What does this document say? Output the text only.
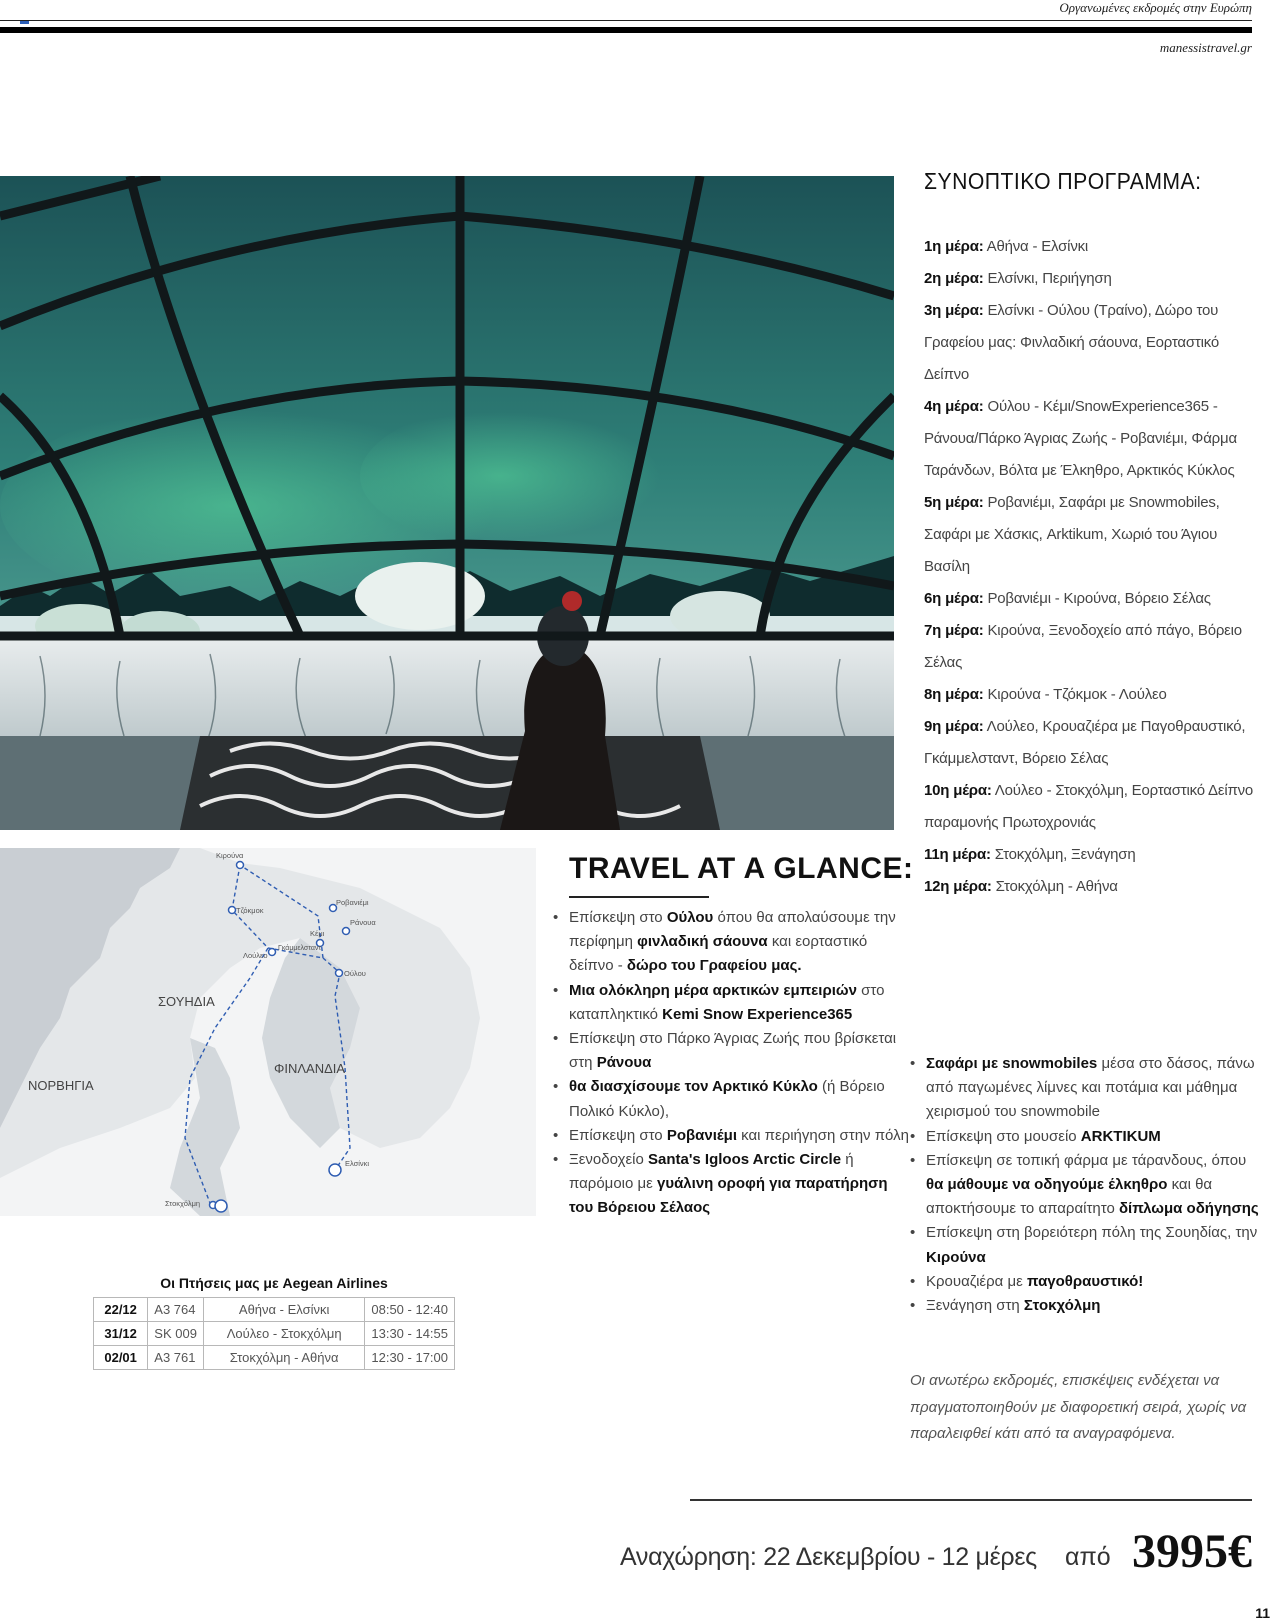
Οργανωμένες εκδρομές στην Ευρώπη
manessistravel.gr
ΣΥΝΟΠΤΙΚΟ ΠΡΟΓΡΑΜΜΑ:
1η μέρα: Αθήνα - Ελσίνκι
2η μέρα: Ελσίνκι, Περιήγηση
3η μέρα: Ελσίνκι - Ούλου (Τραίνο), Δώρο του Γραφείου μας: Φινλαδική σάουνα, Εορταστικό Δείπνο
4η μέρα: Ούλου - Κέμι/SnowExperience365 - Ράνουα/Πάρκο Άγριας Ζωής - Ροβανιέμι, Φάρμα Ταράνδων, Βόλτα με Έλκηθρο, Αρκτικός Κύκλος
5η μέρα: Ροβανιέμι, Σαφάρι με Snowmobiles, Σαφάρι με Χάσκις, Arktikum, Χωριό του Άγιου Βασίλη
6η μέρα: Ροβανιέμι - Κιρούνα, Βόρειο Σέλας
7η μέρα: Κιρούνα, Ξενοδοχείο από πάγο, Βόρειο Σέλας
8η μέρα: Κιρούνα - Τζόκμοκ - Λούλεο
9η μέρα: Λούλεο, Κρουαζιέρα με Παγοθραυστικό, Γκάμμελσταντ, Βόρειο Σέλας
10η μέρα: Λούλεο - Στοκχόλμη, Εορταστικό Δείπνο παραμονής Πρωτοχρονιάς
11η μέρα: Στοκχόλμη, Ξενάγηση
12η μέρα: Στοκχόλμη - Αθήνα
ΝΟΡΒΗΓΙΑ
ΣΟΥΗΔΙΑ
ΦΙΝΛΑΝΔΙΑ
Κιρούνα
Τζόκμοκ
Ροβανιέμι
Ράνουα
Κέμι
Λούλεο
Γκάμμελσταντ
Ούλου
Ελσίνκι
Στοκχόλμη
TRAVEL AT A GLANCE:
• Επίσκεψη στο Ούλου όπου θα απολαύσουμε την περίφημη φινλαδική σάουνα και εορταστικό δείπνο - δώρο του Γραφείου μας.
• Μια ολόκληρη μέρα αρκτικών εμπειριών στο καταπληκτικό Kemi Snow Experience365
• Επίσκεψη στο Πάρκο Άγριας Ζωής που βρίσκεται στη Ράνουα
• θα διασχίσουμε τον Αρκτικό Κύκλο (ή Βόρειο Πολικό Κύκλο),
• Επίσκεψη στο Ροβανιέμι και περιήγηση στην πόλη
• Ξενοδοχείο Santa's Igloos Arctic Circle ή παρόμοιο με γυάλινη οροφή για παρατήρηση του Βόρειου Σέλαος
• Σαφάρι με snowmobiles μέσα στο δάσος, πάνω από παγωμένες λίμνες και ποτάμια και μάθημα χειρισμού του snowmobile
• Επίσκεψη στο μουσείο ARKTIKUM
• Επίσκεψη σε τοπική φάρμα με τάρανδους, όπου θα μάθουμε να οδηγούμε έλκηθρο και θα αποκτήσουμε το απαραίτητο δίπλωμα οδήγησης
• Επίσκεψη στη βορειότερη πόλη της Σουηδίας, την Κιρούνα
• Κρουαζιέρα με παγοθραυστικό!
• Ξενάγηση στη Στοκχόλμη
Οι ανωτέρω εκδρομές, επισκέψεις ενδέχεται να πραγματοποιηθούν με διαφορετική σειρά, χωρίς να παραλειφθεί κάτι από τα αναγραφόμενα.
Οι Πτήσεις μας με Aegean Airlines
22/12	A3 764	Αθήνα - Ελσίνκι	08:50 - 12:40
31/12	SK 009	Λούλεο - Στοκχόλμη	13:30 - 14:55
02/01	A3 761	Στοκχόλμη - Αθήνα	12:30 - 17:00
Αναχώρηση: 22 Δεκεμβρίου - 12 μέρες από 3995€
11
